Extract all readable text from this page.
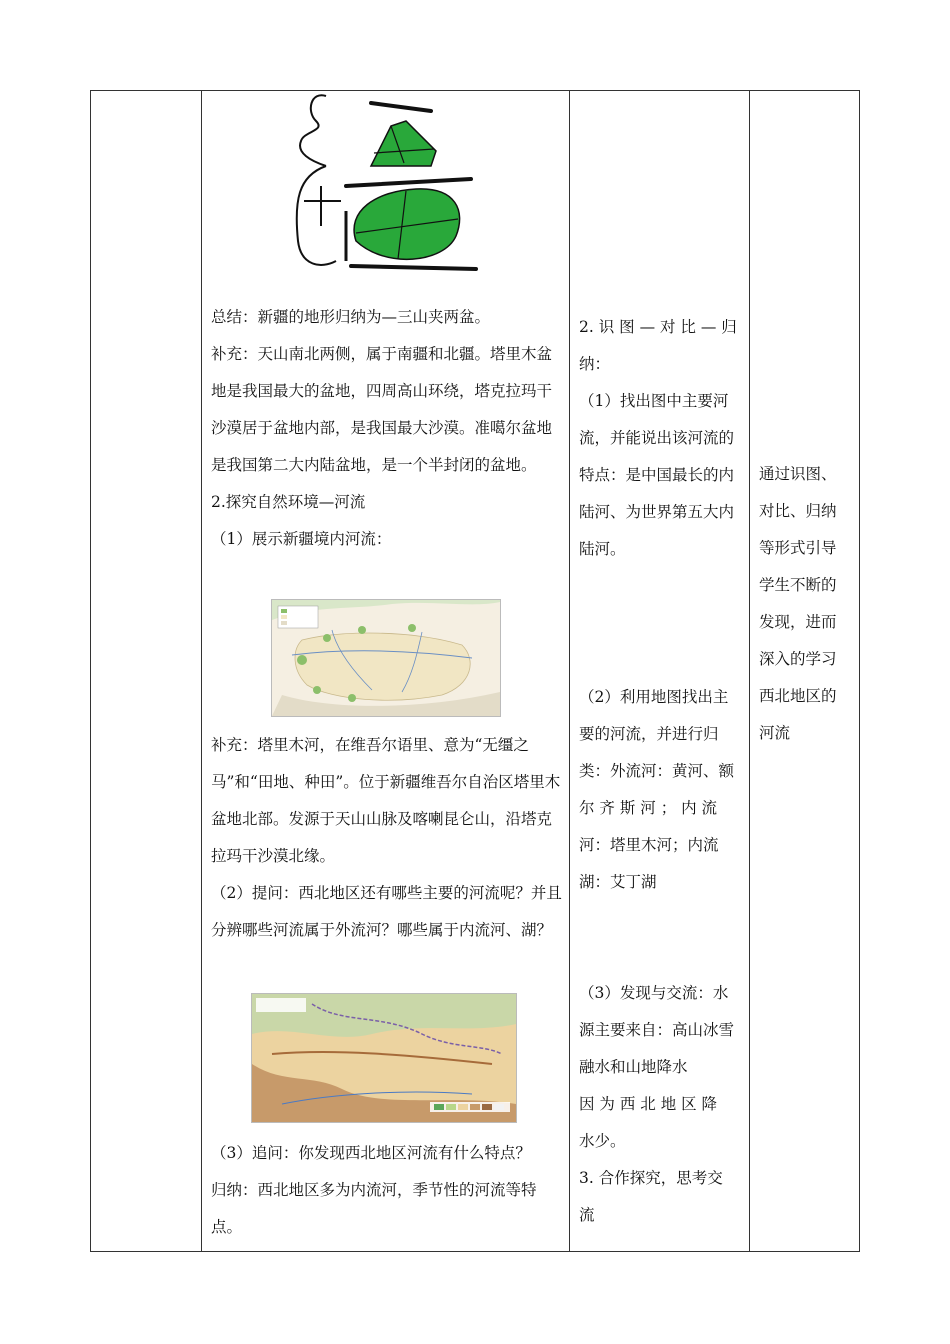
总结：新疆的地形归纳为—三山夹两盆。

补充：天山南北两侧，属于南疆和北疆。塔里木盆地是我国最大的盆地，四周高山环绕，塔克拉玛干沙漠居于盆地内部，是我国最大沙漠。准噶尔盆地是我国第二大内陆盆地，是一个半封闭的盆地。

2.探究自然环境—河流

（1）展示新疆境内河流：

补充：塔里木河，在维吾尔语里、意为“无缰之马”和“田地、种田”。位于新疆维吾尔自治区塔里木盆地北部。发源于天山山脉及喀喇昆仑山，沿塔克拉玛干沙漠北缘。

（2）提问：西北地区还有哪些主要的河流呢？并且分辨哪些河流属于外流河？哪些属于内流河、湖？

（3）追问：你发现西北地区河流有什么特点？

归纳：西北地区多为内流河，季节性的河流等特点。

2. 识 图 — 对 比 — 归纳：

（1）找出图中主要河流，并能说出该河流的特点：是中国最长的内陆河、为世界第五大内陆河。

（2）利用地图找出主要的河流，并进行归类：外流河：黄河、额 尔 齐 斯 河 ； 内 流河：塔里木河；内流湖：艾丁湖

（3）发现与交流：水源主要来自：高山冰雪融水和山地降水

因 为 西 北 地 区 降 水少。

3. 合作探究，思考交流

通过识图、对比、归纳等形式引导学生不断的发现，进而深入的学习西北地区的河流
